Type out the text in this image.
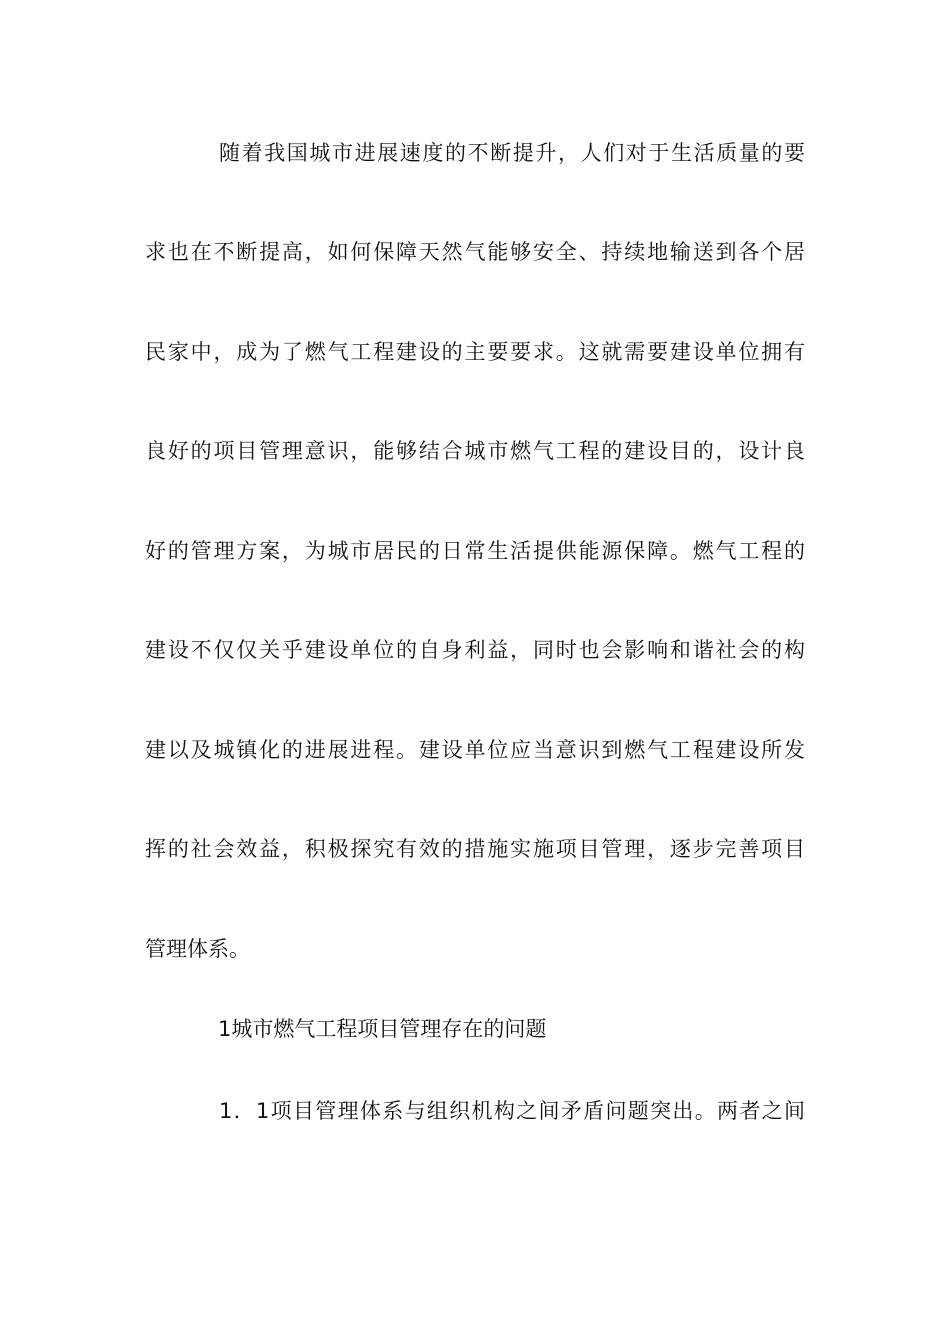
随着我国城市进展速度的不断提升，人们对于生活质量的要
求也在不断提高，如何保障天然气能够安全、持续地输送到各个居
民家中，成为了燃气工程建设的主要要求。这就需要建设单位拥有
良好的项目管理意识，能够结合城市燃气工程的建设目的，设计良
好的管理方案，为城市居民的日常生活提供能源保障。燃气工程的
建设不仅仅关乎建设单位的自身利益，同时也会影响和谐社会的构
建以及城镇化的进展进程。建设单位应当意识到燃气工程建设所发
挥的社会效益，积极探究有效的措施实施项目管理，逐步完善项目
管理体系。
1城市燃气工程项目管理存在的问题
1．1项目管理体系与组织机构之间矛盾问题突出。两者之间
